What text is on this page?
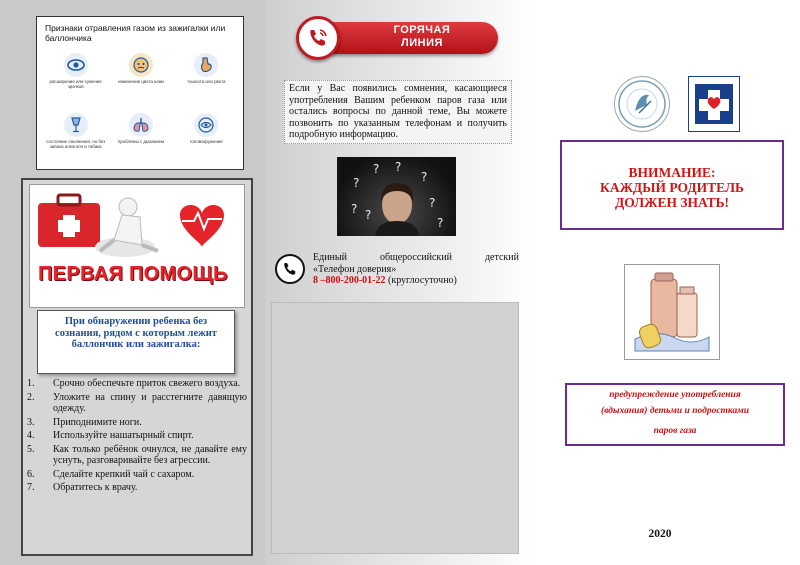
Признаки отравления газом из зажигалки или баллончика
расширение или сужение зрачков
изменение цвета кожи	тошнота или рвота
состояние опьянения, но без запаха алкоголя и табака
проблемы с дыханием	головокружение
ПЕРВАЯ ПОМОЩЬ
При обнаружении ребенка без сознания, рядом с которым лежит баллончик или зажигалка:
1.	Срочно обеспечьте приток свежего воздуха.
2.	Уложите на спину и расстегните давящую одежду.
3.	Приподнимите ноги.
4.	Используйте нашатырный спирт.
5.	Как только ребёнок очнулся, не давайте ему уснуть, разговаривайте без агрессии.
6.	Сделайте крепкий чай с сахаром.
7.	Обратитесь к врачу.
ГОРЯЧАЯ
ЛИНИЯ
Если у Вас появились сомнения, касающиеся употребления Вашим ребенком паров газа или остались вопросы по данной теме, Вы можете позвонить по указанным телефонам и получить подробную информацию.
?
?
?
?
?
?
?
?
Единый	общероссийский	детский
«Телефон доверия»
8 –800-200-01-22 (круглосуточно)
ВНИМАНИЕ:
КАЖДЫЙ РОДИТЕЛЬ
ДОЛЖЕН ЗНАТЬ!
предупреждение употребления
(вдыхания) детьми и подростками
паров газа
2020
